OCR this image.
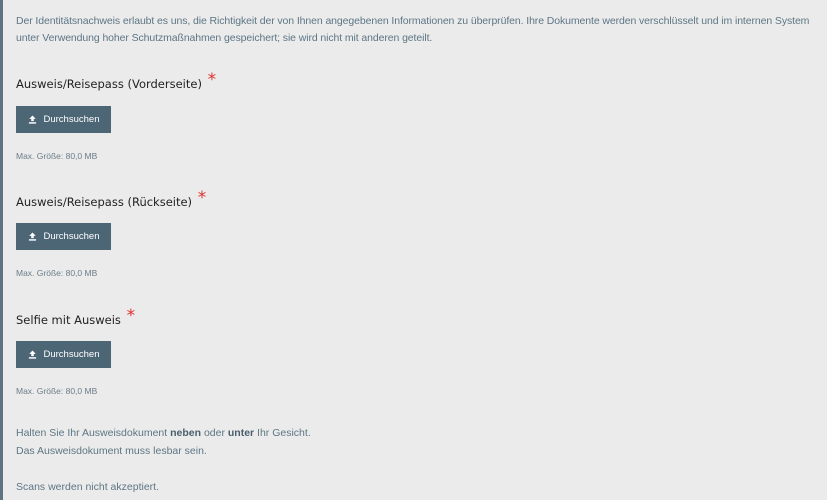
Der Identitätsnachweis erlaubt es uns, die Richtigkeit der von Ihnen angegebenen Informationen zu überprüfen. Ihre Dokumente werden verschlüsselt und im internen System unter Verwendung hoher Schutzmaßnahmen gespeichert; sie wird nicht mit anderen geteilt.

Ausweis/Reisepass (Vorderseite) *
Durchsuchen
Max. Größe: 80,0 MB
Ausweis/Reisepass (Rückseite) *
Durchsuchen
Max. Größe: 80,0 MB
Selfie mit Ausweis *
Durchsuchen
Max. Größe: 80,0 MB
Halten Sie Ihr Ausweisdokument neben oder unter Ihr Gesicht.
Das Ausweisdokument muss lesbar sein.
Scans werden nicht akzeptiert.
